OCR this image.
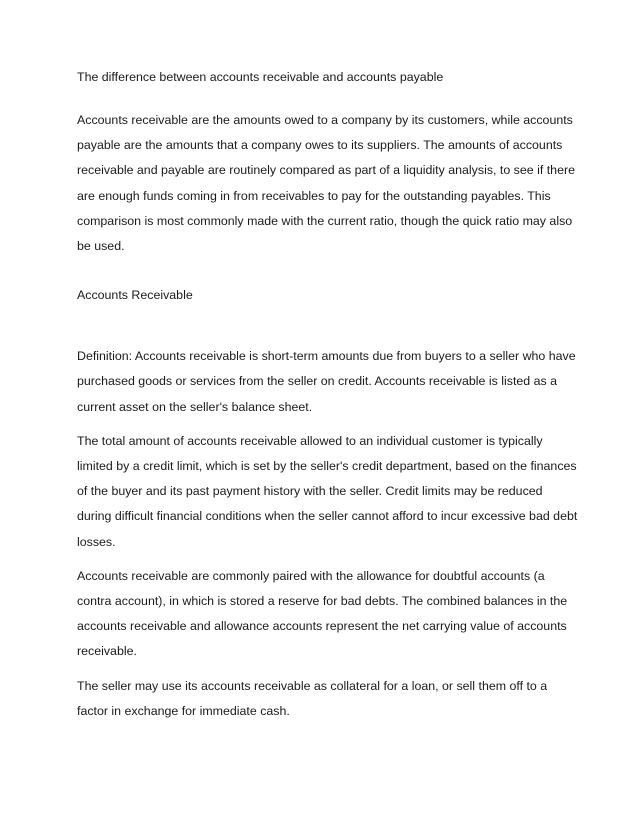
The difference between accounts receivable and accounts payable

Accounts receivable are the amounts owed to a company by its customers, while accounts payable are the amounts that a company owes to its suppliers. The amounts of accounts receivable and payable are routinely compared as part of a liquidity analysis, to see if there are enough funds coming in from receivables to pay for the outstanding payables. This comparison is most commonly made with the current ratio, though the quick ratio may also be used.

Accounts Receivable

Definition: Accounts receivable is short-term amounts due from buyers to a seller who have purchased goods or services from the seller on credit. Accounts receivable is listed as a current asset on the seller's balance sheet.

The total amount of accounts receivable allowed to an individual customer is typically limited by a credit limit, which is set by the seller's credit department, based on the finances of the buyer and its past payment history with the seller. Credit limits may be reduced during difficult financial conditions when the seller cannot afford to incur excessive bad debt losses.

Accounts receivable are commonly paired with the allowance for doubtful accounts (a contra account), in which is stored a reserve for bad debts. The combined balances in the accounts receivable and allowance accounts represent the net carrying value of accounts receivable.

The seller may use its accounts receivable as collateral for a loan, or sell them off to a factor in exchange for immediate cash.
